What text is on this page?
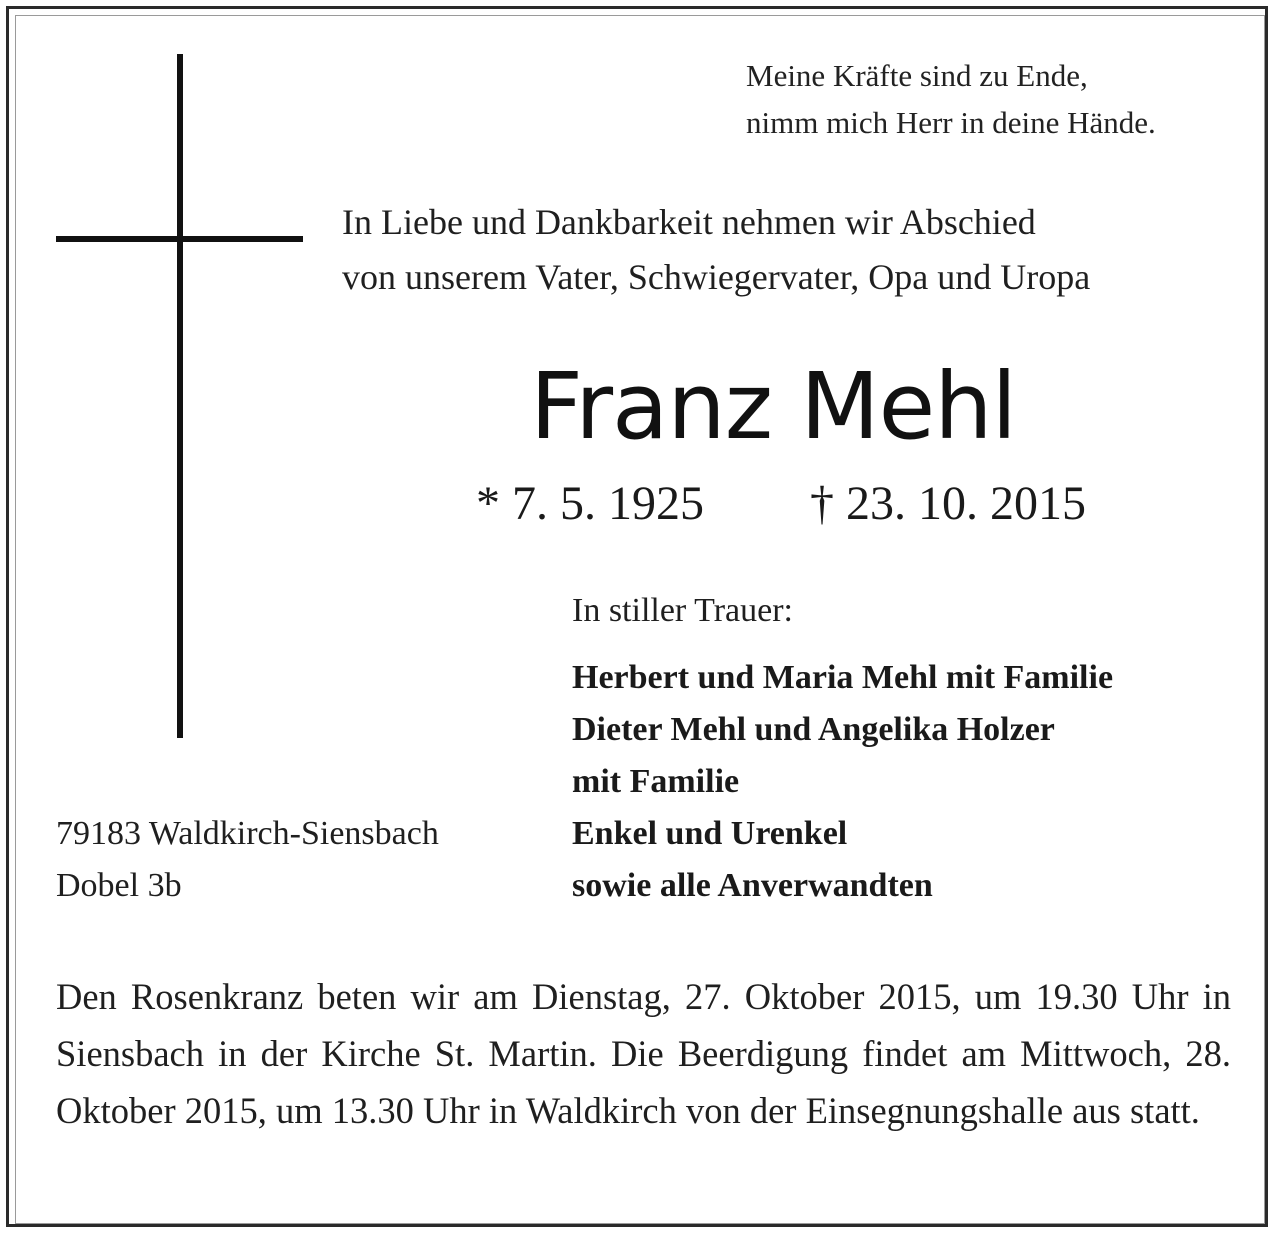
Meine Kräfte sind zu Ende,
nimm mich Herr in deine Hände.
In Liebe und Dankbarkeit nehmen wir Abschied
von unserem Vater, Schwiegervater, Opa und Uropa
Franz Mehl
* 7. 5. 1925 † 23. 10. 2015
In stiller Trauer:
Herbert und Maria Mehl mit Familie
Dieter Mehl und Angelika Holzer
mit Familie
Enkel und Urenkel
sowie alle Anverwandten
79183 Waldkirch-Siensbach
Dobel 3b
Den Rosenkranz beten wir am Dienstag, 27. Oktober 2015, um 19.30 Uhr in Siensbach in der Kirche St. Martin. Die Beerdigung findet am Mittwoch, 28. Oktober 2015, um 13.30 Uhr in Waldkirch von der Einsegnungshalle aus statt.
